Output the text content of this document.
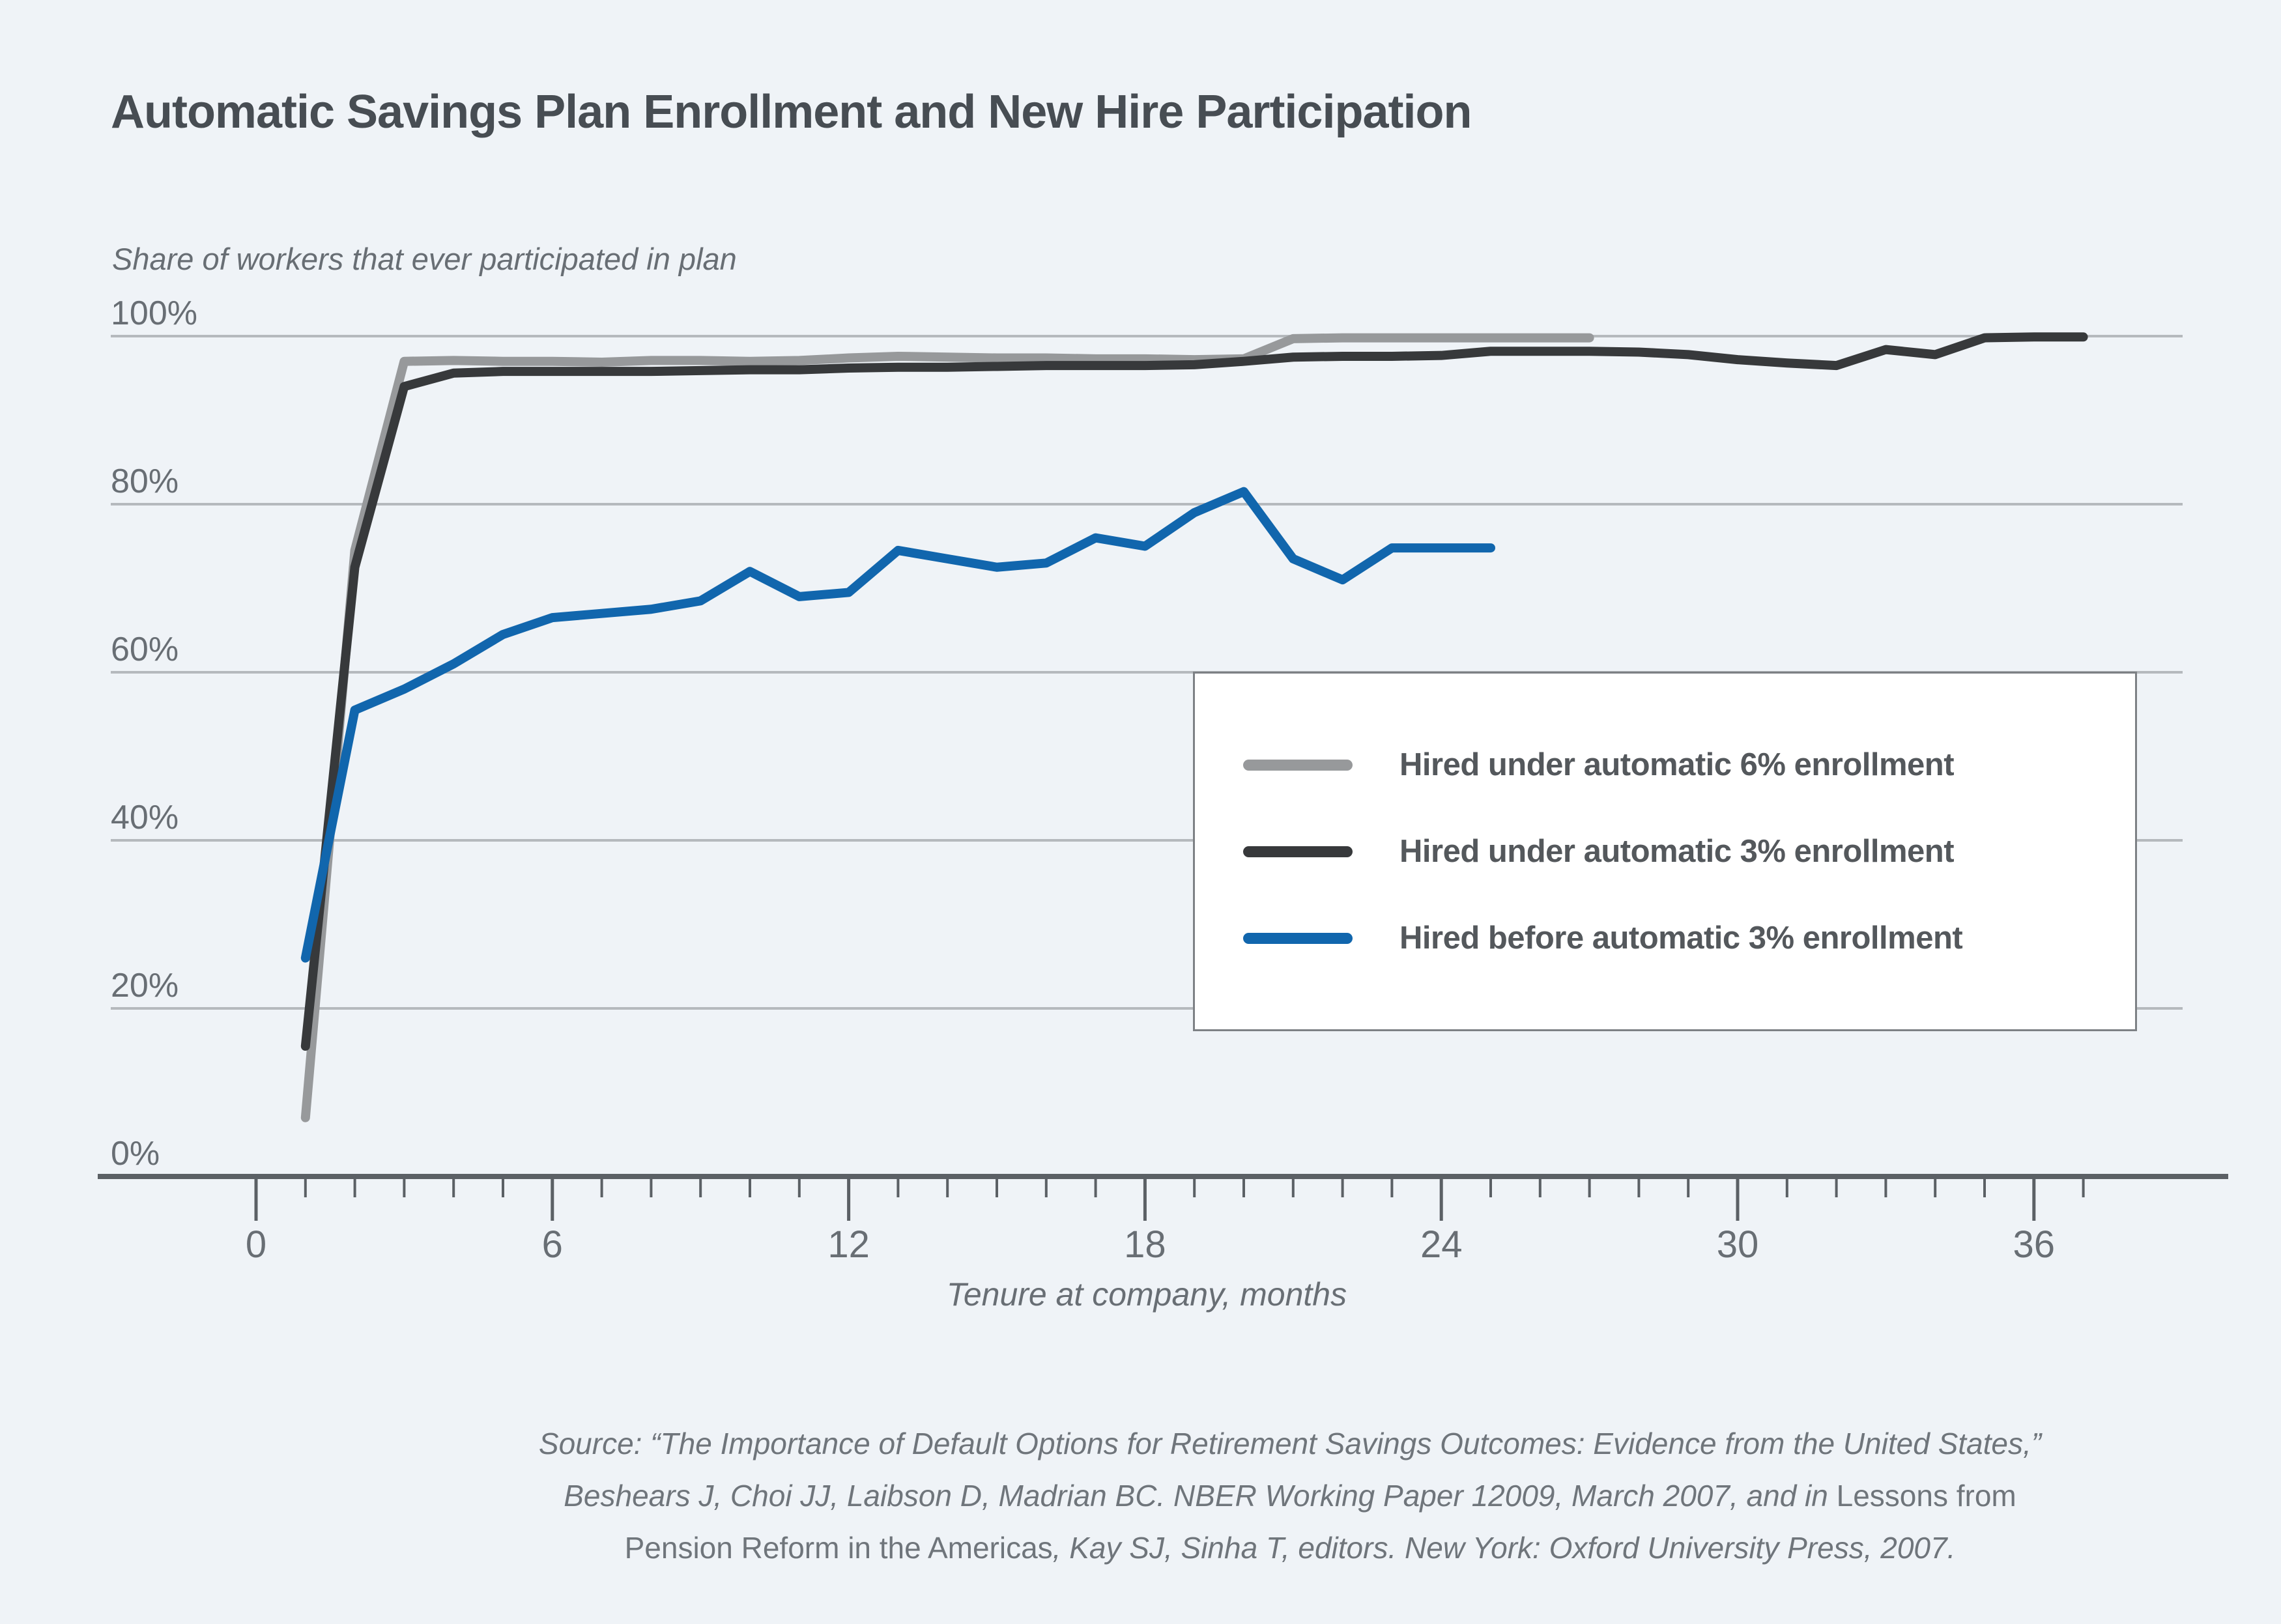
Automatic Savings Plan Enrollment and New Hire Participation
Share of workers that ever participated in plan
0%
20%
40%
60%
80%
100%
0	6	12	18	24	30	36
Tenure at company, months
Hired under automatic 6% enrollment
Hired under automatic 3% enrollment
Hired before automatic 3% enrollment
Source: “The Importance of Default Options for Retirement Savings Outcomes: Evidence from the United States,”
Beshears J, Choi JJ, Laibson D, Madrian BC. NBER Working Paper 12009, March 2007, and in Lessons from
Pension Reform in the Americas, Kay SJ, Sinha T, editors. New York: Oxford University Press, 2007.
